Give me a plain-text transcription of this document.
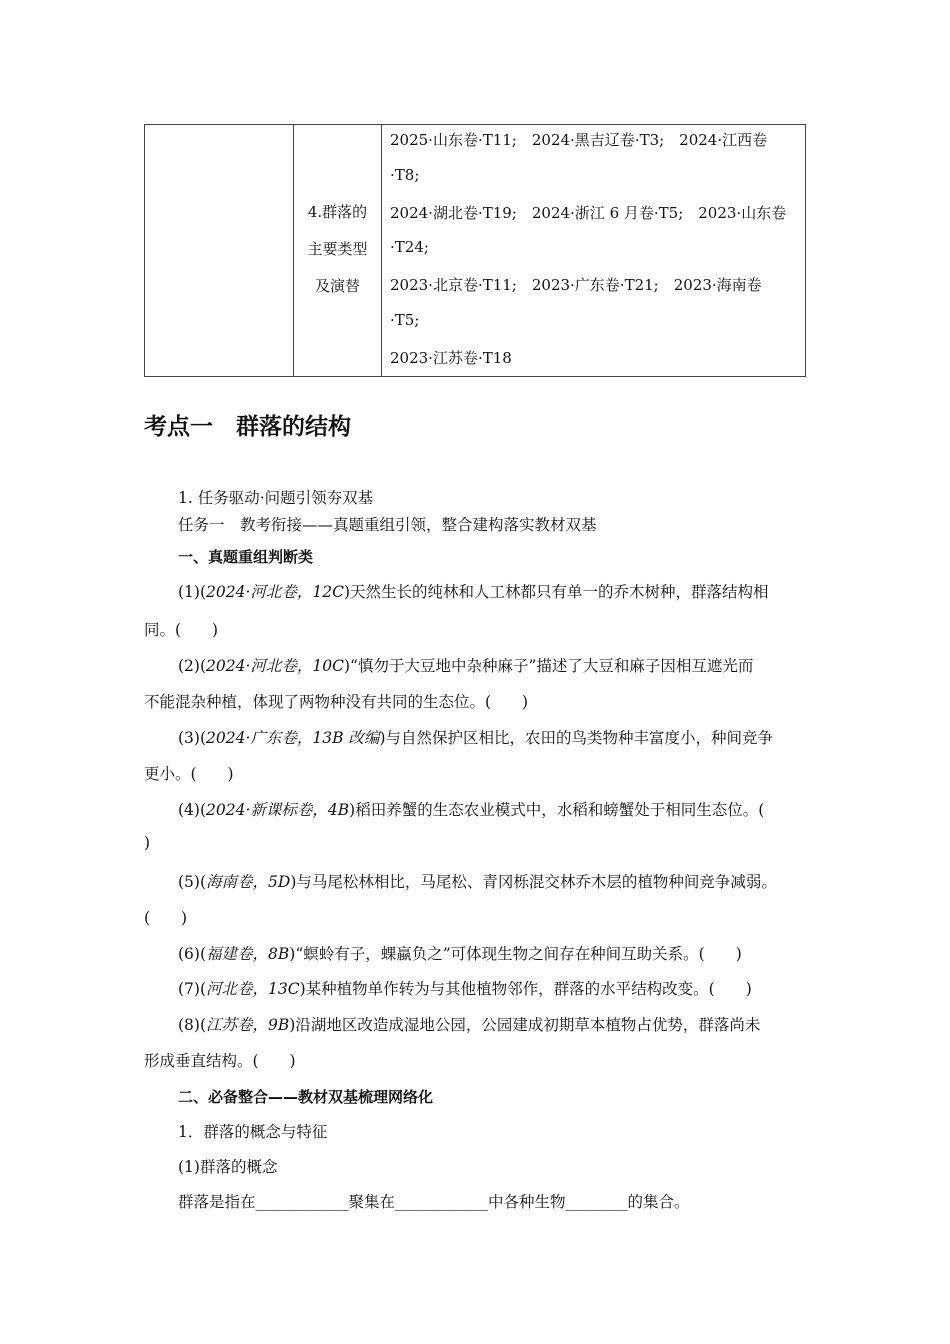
4.群落的
主要类型
及演替
2025·山东卷·T11;　2024·黑吉辽卷·T3;　2024·江西卷
·T8;
2024·湖北卷·T19;　2024·浙江 6 月卷·T5;　2023·山东卷
·T24;
2023·北京卷·T11;　2023·广东卷·T21;　2023·海南卷
·T5;
2023·江苏卷·T18
考点一　群落的结构
1. 任务驱动·问题引领夯双基
任务一　教考衔接——真题重组引领，整合建构落实教材双基
一、真题重组判断类
(1)(2024·河北卷，12C)天然生长的纯林和人工林都只有单一的乔木树种，群落结构相
同。(　　)
(2)(2024·河北卷，10C)“慎勿于大豆地中杂种麻子”描述了大豆和麻子因相互遮光而
不能混杂种植，体现了两物种没有共同的生态位。(　　)
(3)(2024·广东卷，13B 改编)与自然保护区相比，农田的鸟类物种丰富度小，种间竞争
更小。(　　)
(4)(2024·新课标卷，4B)稻田养蟹的生态农业模式中，水稻和螃蟹处于相同生态位。(
)
(5)(海南卷，5D)与马尾松林相比，马尾松、青冈栎混交林乔木层的植物种间竞争减弱。
(　　)
(6)(福建卷，8B)“螟蛉有子，蜾蠃负之”可体现生物之间存在种间互助关系。(　　)
(7)(河北卷，13C)某种植物单作转为与其他植物邻作，群落的水平结构改变。(　　)
(8)(江苏卷，9B)沿湖地区改造成湿地公园，公园建成初期草本植物占优势，群落尚未
形成垂直结构。(　　)
二、必备整合——教材双基梳理网络化
1．群落的概念与特征
(1)群落的概念
群落是指在____________聚集在____________中各种生物________的集合。
